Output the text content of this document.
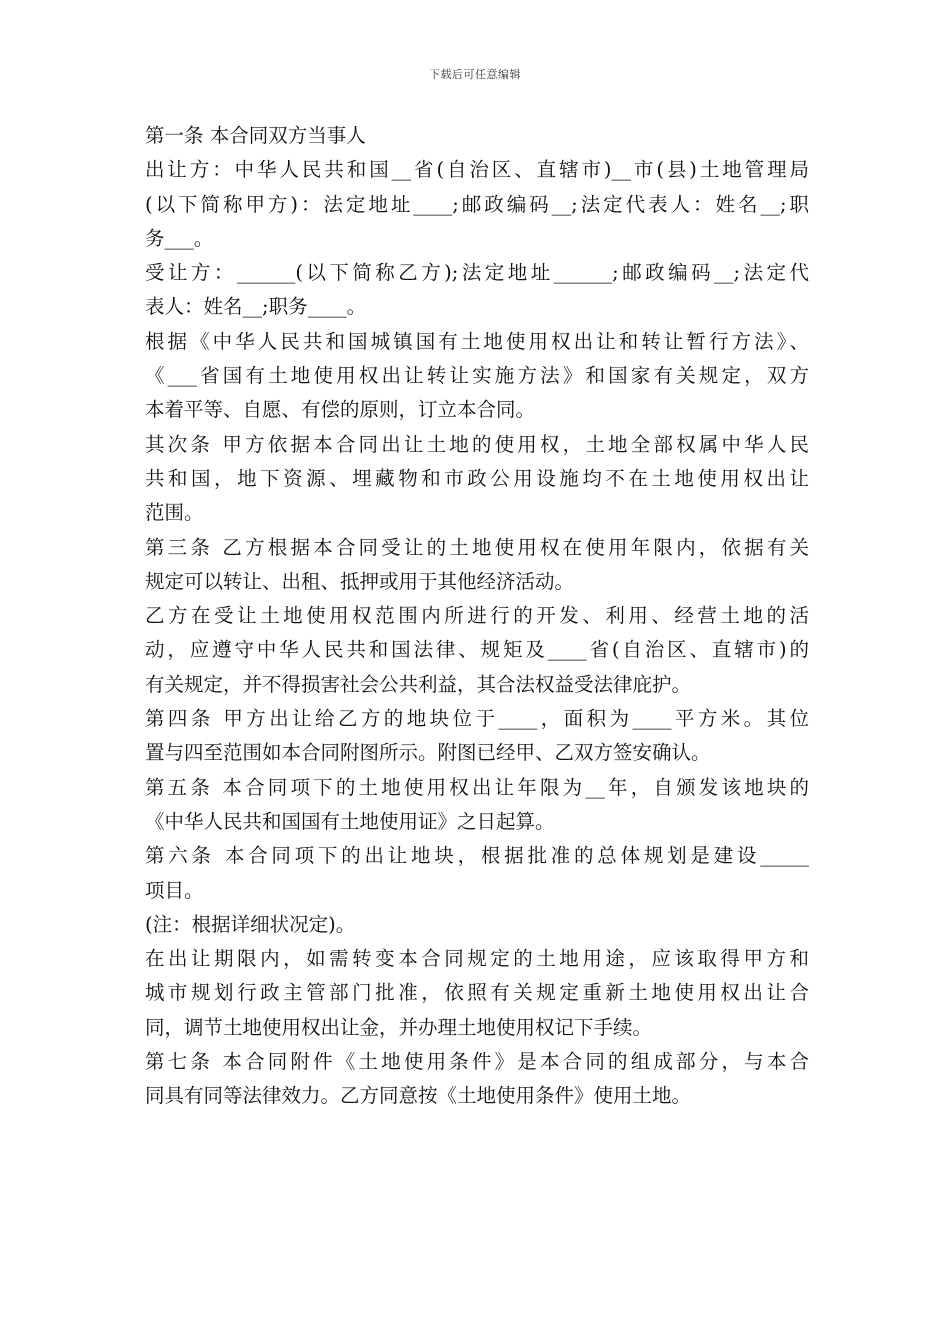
下载后可任意编辑
第一条 本合同双方当事人
出让方：中华人民共和国__省(自治区、直辖市)__市(县)土地管理局
(以下简称甲方)：法定地址____;邮政编码__;法定代表人：姓名__;职
务___。
受让方：______(以下简称乙方);法定地址______;邮政编码__;法定代
表人：姓名__;职务____。
根据《中华人民共和国城镇国有土地使用权出让和转让暂行方法》、
《___省国有土地使用权出让转让实施方法》和国家有关规定，双方
本着平等、自愿、有偿的原则，订立本合同。
其次条 甲方依据本合同出让土地的使用权，土地全部权属中华人民
共和国，地下资源、埋藏物和市政公用设施均不在土地使用权出让
范围。
第三条 乙方根据本合同受让的土地使用权在使用年限内，依据有关
规定可以转让、出租、抵押或用于其他经济活动。
乙方在受让土地使用权范围内所进行的开发、利用、经营土地的活
动，应遵守中华人民共和国法律、规矩及____省(自治区、直辖市)的
有关规定，并不得损害社会公共利益，其合法权益受法律庇护。
第四条 甲方出让给乙方的地块位于____，面积为____平方米。其位
置与四至范围如本合同附图所示。附图已经甲、乙双方签安确认。
第五条 本合同项下的土地使用权出让年限为__年，自颁发该地块的
《中华人民共和国国有土地使用证》之日起算。
第六条 本合同项下的出让地块，根据批准的总体规划是建设_____
项目。
(注：根据详细状况定)。
在出让期限内，如需转变本合同规定的土地用途，应该取得甲方和
城市规划行政主管部门批准，依照有关规定重新土地使用权出让合
同，调节土地使用权出让金，并办理土地使用权记下手续。
第七条 本合同附件《土地使用条件》是本合同的组成部分，与本合
同具有同等法律效力。乙方同意按《土地使用条件》使用土地。
